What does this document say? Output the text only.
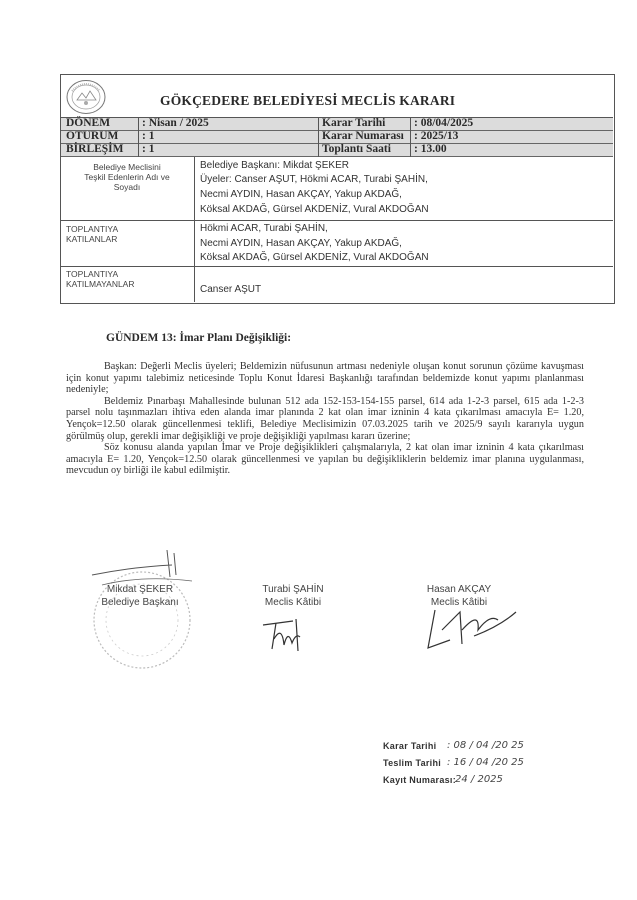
GÖKÇEDERE BELEDİYESİ MECLİS KARARI
DÖNEM	: Nisan / 2025
OTURUM : 1
BİRLEŞİM : 1
Karar Tarihi : 08/04/2025
Karar Numarası : 2025/13
Toplantı Saati : 13.00
Belediye Meclisini
Teşkil Edenlerin Adı ve
Soyadı
Belediye Başkanı: Mikdat ŞEKER
Üyeler: Canser AŞUT, Hökmi ACAR, Turabi ŞAHİN,
Necmi AYDIN, Hasan AKÇAY, Yakup AKDAĞ,
Köksal AKDAĞ, Gürsel AKDENİZ, Vural AKDOĞAN
TOPLANTIYA
KATILANLAR
Hökmi ACAR, Turabi ŞAHİN,
Necmi AYDIN, Hasan AKÇAY, Yakup AKDAĞ,
Köksal AKDAĞ, Gürsel AKDENİZ, Vural AKDOĞAN
TOPLANTIYA
KATILMAYANLAR	Canser AŞUT
GÜNDEM 13: İmar Planı Değişikliği:

Başkan: Değerli Meclis üyeleri; Beldemizin nüfusunun artması nedeniyle oluşan konut sorunun çözüme kavuşması için konut yapımı talebimiz neticesinde Toplu Konut İdaresi Başkanlığı tarafından beldemizde konut yapımı planlanması nedeniyle;

Beldemiz Pınarbaşı Mahallesinde bulunan 512 ada 152-153-154-155 parsel, 614 ada 1-2-3 parsel, 615 ada 1-2-3 parsel nolu taşınmazları ihtiva eden alanda imar planında 2 kat olan imar izninin 4 kata çıkarılması amacıyla E= 1.20, Yençok=12.50 olarak güncellenmesi teklifi, Belediye Meclisimizin 07.03.2025 tarih ve 2025/9 sayılı kararıyla uygun görülmüş olup, gerekli imar değişikliği ve proje değişikliği yapılması kararı üzerine;

Söz konusu alanda yapılan İmar ve Proje değişiklikleri çalışmalarıyla, 2 kat olan imar izninin 4 kata çıkarılması amacıyla E= 1.20, Yençok=12.50 olarak güncellenmesi ve yapılan bu değişikliklerin beldemiz imar planına uygulanması, mevcudun oy birliği ile kabul edilmiştir.

Mikdat ŞEKER
Belediye Başkanı
Turabi ŞAHİN
Meclis Kâtibi
Hasan AKÇAY
Meclis Kâtibi
Karar Tarihi : 08 / 04 /20 25
Teslim Tarihi : 16 / 04 /20 25
Kayıt Numarası:
24 / 2025
